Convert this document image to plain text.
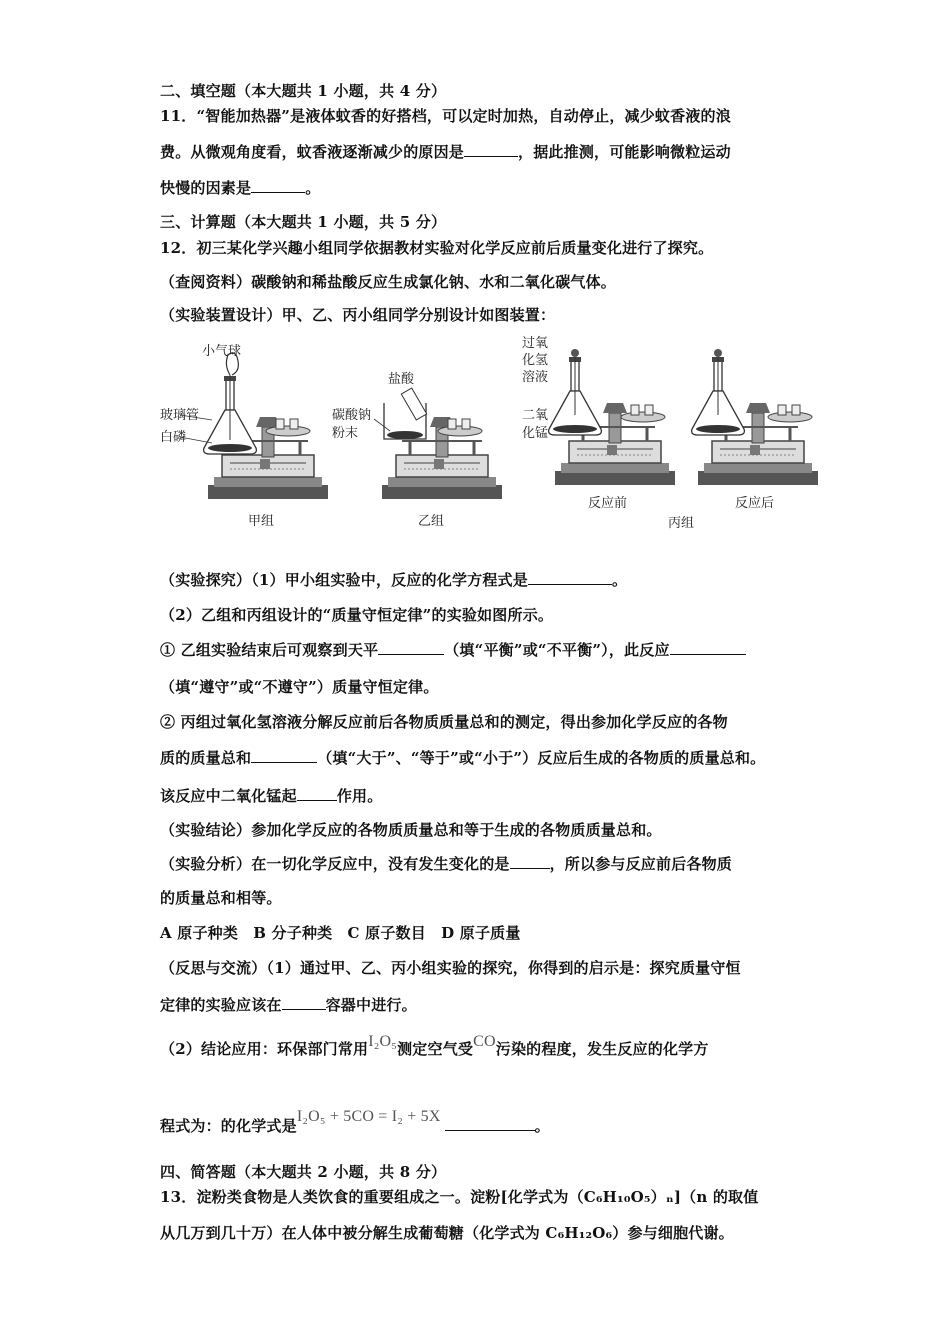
二、填空题（本大题共 1 小题，共 4 分）
11．“智能加热器”是液体蚊香的好搭档，可以定时加热，自动停止，减少蚊香液的浪
费。从微观角度看，蚊香液逐渐减少的原因是	，据此推测，可能影响微粒运动
快慢的因素是	。
三、计算题（本大题共 1 小题，共 5 分）
12．初三某化学兴趣小组同学依据教材实验对化学反应前后质量变化进行了探究。
（查阅资料）碳酸钠和稀盐酸反应生成氯化钠、水和二氧化碳气体。
（实验装置设计）甲、乙、丙小组同学分别设计如图装置：
小气球
玻璃管
白磷
甲组
盐酸
碳酸钠
粉末
乙组
过氧
化氢
溶液
二氧
化锰
反应前	反应后
丙组
（实验探究）（1）甲小组实验中，反应的化学方程式是	。
（2）乙组和丙组设计的“质量守恒定律”的实验如图所示。
① 乙组实验结束后可观察到天平	（填“平衡”或“不平衡”），此反应
（填“遵守”或“不遵守”）质量守恒定律。
② 丙组过氧化氢溶液分解反应前后各物质质量总和的测定，得出参加化学反应的各物
质的质量总和	（填“大于”、“等于”或“小于”）反应后生成的各物质的质量总和。
该反应中二氧化锰起	作用。
（实验结论）参加化学反应的各物质质量总和等于生成的各物质质量总和。
（实验分析）在一切化学反应中，没有发生变化的是	，所以参与反应前后各物质
的质量总和相等。
A 原子种类　B 分子种类　C 原子数目　D 原子质量
（反思与交流）（1）通过甲、乙、丙小组实验的探究，你得到的启示是：探究质量守恒
定律的实验应该在	容器中进行。
（2）结论应用：环保部门常用I₂O₅测定空气受CO污染的程度，发生反应的化学方
程式为：的化学式是I₂O₅ + 5CO = I₂ + 5X。
四、简答题（本大题共 2 小题，共 8 分）
13．淀粉类食物是人类饮食的重要组成之一。淀粉[化学式为（C₆H₁₀O₅）ₙ]（n 的取值
从几万到几十万）在人体中被分解生成葡萄糖（化学式为 C₆H₁₂O₆）参与细胞代谢。
